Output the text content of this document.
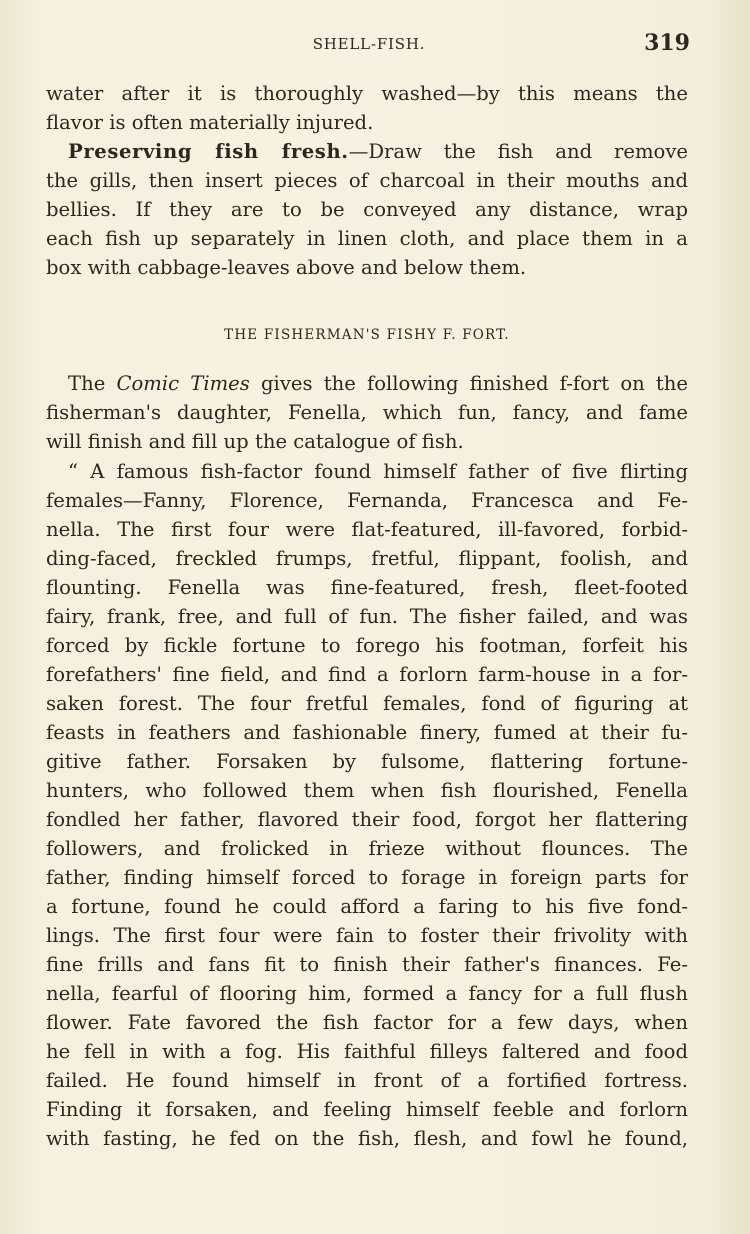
SHELL-FISH.	319
water after it is thoroughly washed—by this means the
flavor is often materially injured.
Preserving fish fresh.—Draw the fish and remove
the gills, then insert pieces of charcoal in their mouths and
bellies. If they are to be conveyed any distance, wrap
each fish up separately in linen cloth, and place them in a
box with cabbage-leaves above and below them.
THE FISHERMAN'S FISHY F. FORT.
The Comic Times gives the following finished f-fort on the
fisherman's daughter, Fenella, which fun, fancy, and fame
will finish and fill up the catalogue of fish.
“ A famous fish-factor found himself father of five flirting
females—Fanny, Florence, Fernanda, Francesca and Fe-
nella. The first four were flat-featured, ill-favored, forbid-
ding-faced, freckled frumps, fretful, flippant, foolish, and
flounting. Fenella was fine-featured, fresh, fleet-footed
fairy, frank, free, and full of fun. The fisher failed, and was
forced by fickle fortune to forego his footman, forfeit his
forefathers' fine field, and find a forlorn farm-house in a for-
saken forest. The four fretful females, fond of figuring at
feasts in feathers and fashionable finery, fumed at their fu-
gitive father. Forsaken by fulsome, flattering fortune-
hunters, who followed them when fish flourished, Fenella
fondled her father, flavored their food, forgot her flattering
followers, and frolicked in frieze without flounces. The
father, finding himself forced to forage in foreign parts for
a fortune, found he could afford a faring to his five fond-
lings. The first four were fain to foster their frivolity with
fine frills and fans fit to finish their father's finances. Fe-
nella, fearful of flooring him, formed a fancy for a full flush
flower. Fate favored the fish factor for a few days, when
he fell in with a fog. His faithful filleys faltered and food
failed. He found himself in front of a fortified fortress.
Finding it forsaken, and feeling himself feeble and forlorn
with fasting, he fed on the fish, flesh, and fowl he found,
